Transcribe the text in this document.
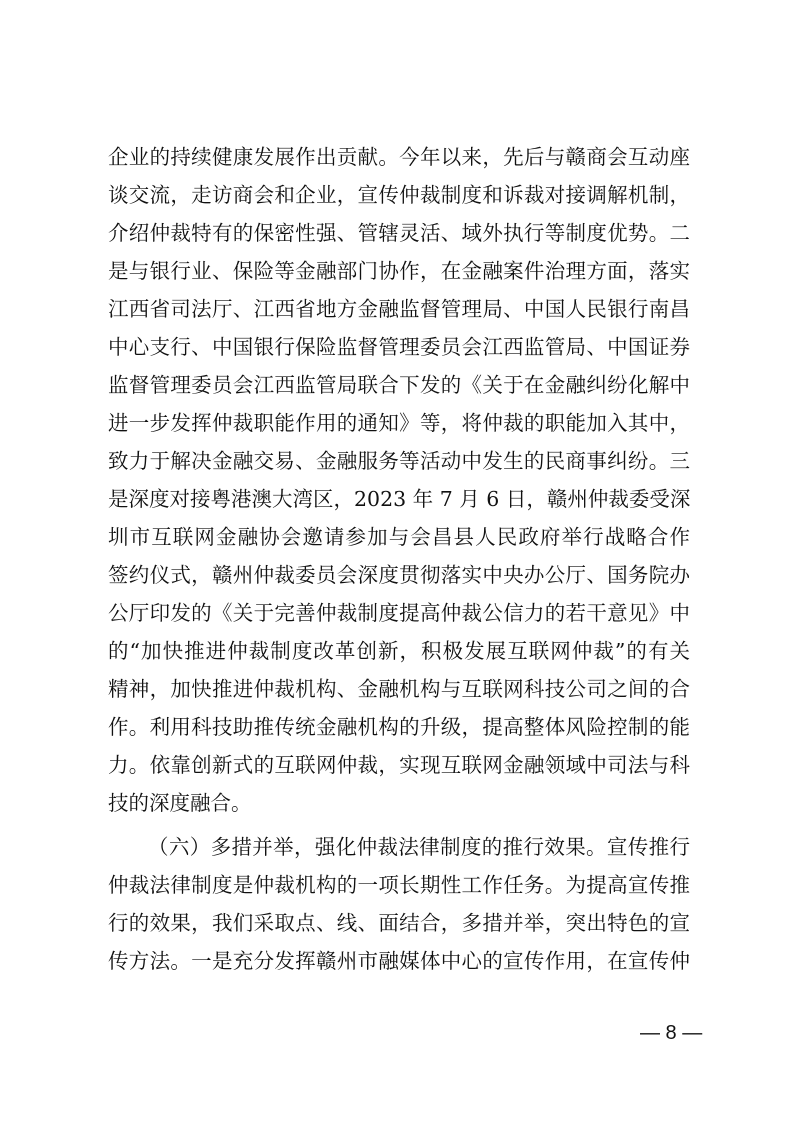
企业的持续健康发展作出贡献。今年以来，先后与赣商会互动座
谈交流，走访商会和企业，宣传仲裁制度和诉裁对接调解机制，
介绍仲裁特有的保密性强、管辖灵活、域外执行等制度优势。二
是与银行业、保险等金融部门协作，在金融案件治理方面，落实
江西省司法厅、江西省地方金融监督管理局、中国人民银行南昌
中心支行、中国银行保险监督管理委员会江西监管局、中国证券
监督管理委员会江西监管局联合下发的《关于在金融纠纷化解中
进一步发挥仲裁职能作用的通知》等，将仲裁的职能加入其中，
致力于解决金融交易、金融服务等活动中发生的民商事纠纷。三
是深度对接粤港澳大湾区，2023 年 7 月 6 日，赣州仲裁委受深
圳市互联网金融协会邀请参加与会昌县人民政府举行战略合作
签约仪式，赣州仲裁委员会深度贯彻落实中央办公厅、国务院办
公厅印发的《关于完善仲裁制度提高仲裁公信力的若干意见》中
的“加快推进仲裁制度改革创新，积极发展互联网仲裁”的有关
精神，加快推进仲裁机构、金融机构与互联网科技公司之间的合
作。利用科技助推传统金融机构的升级，提高整体风险控制的能
力。依靠创新式的互联网仲裁，实现互联网金融领域中司法与科
技的深度融合。
（六）多措并举，强化仲裁法律制度的推行效果。宣传推行
仲裁法律制度是仲裁机构的一项长期性工作任务。为提高宣传推
行的效果，我们采取点、线、面结合，多措并举，突出特色的宣
传方法。一是充分发挥赣州市融媒体中心的宣传作用，在宣传仲
— 8 —
